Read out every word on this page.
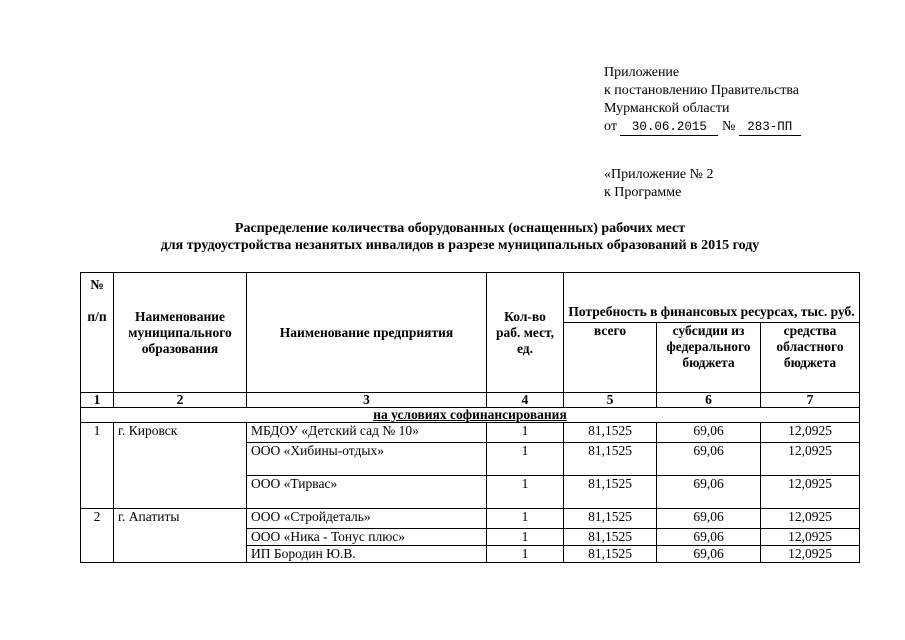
Приложение
к постановлению Правительства
Мурманской области
от 30.06.2015 № 283-ПП
«Приложение № 2
к Программе
Распределение количества оборудованных (оснащенных) рабочих мест
для трудоустройства незанятых инвалидов в разрезе муниципальных образований в 2015 году
№
п/п	Наименование муниципального образования	Наименование предприятия	Кол-во раб. мест, ед.	Потребность в финансовых ресурсах, тыс. руб.		
				всего	субсидии из федерального бюджета	средства областного бюджета
1	2	3	4	5	6	7
на условиях софинансирования						
1	г. Кировск	МБДОУ «Детский сад № 10»	1	81,1525	69,06	12,0925
		ООО «Хибины-отдых»	1	81,1525	69,06	12,0925
		ООО «Тирвас»	1	81,1525	69,06	12,0925
2	г. Апатиты	ООО «Стройдеталь»	1	81,1525	69,06	12,0925
		ООО «Ника - Тонус плюс»	1	81,1525	69,06	12,0925
		ИП Бородин Ю.В.	1	81,1525	69,06	12,0925
